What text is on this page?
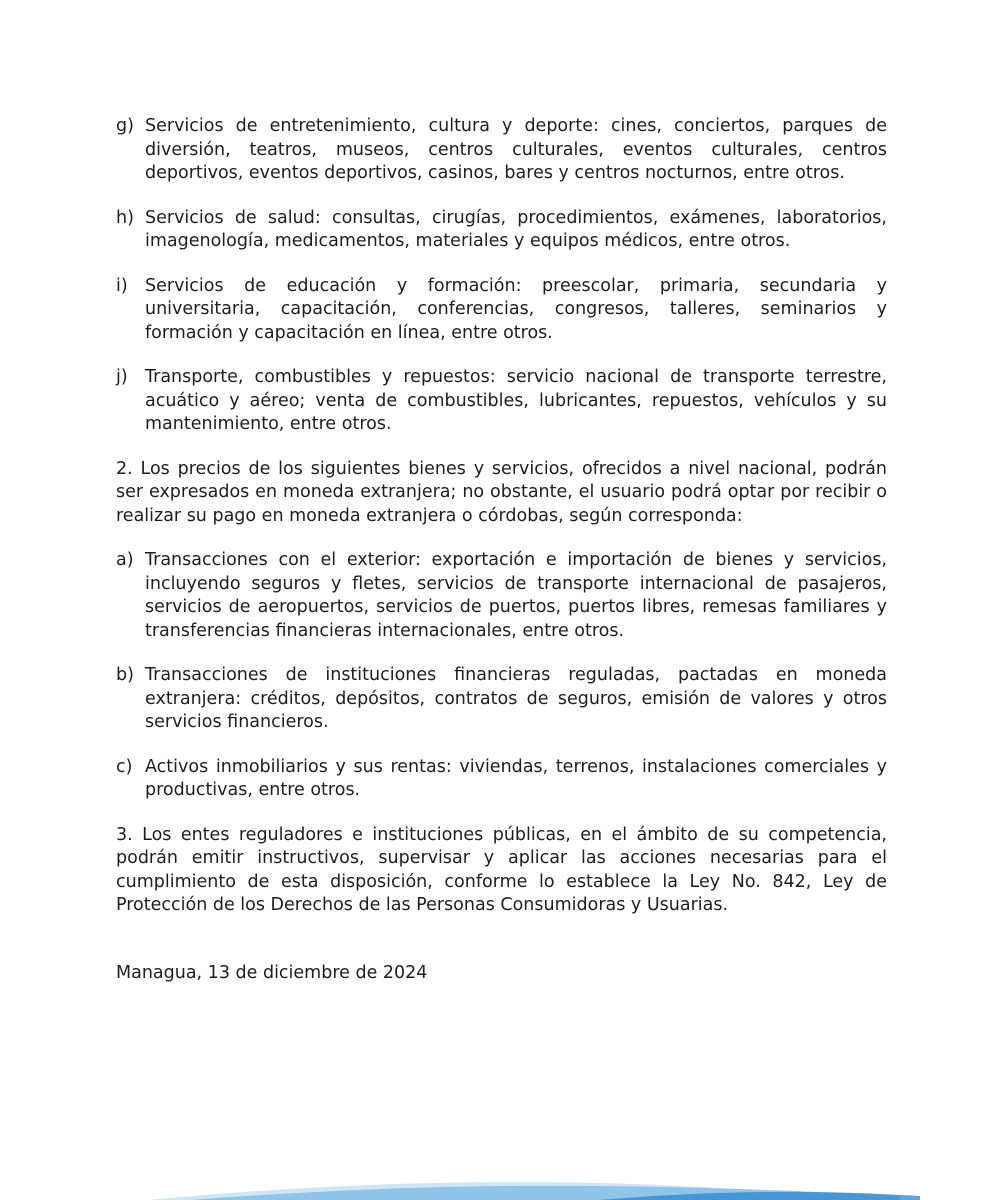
g) Servicios de entretenimiento, cultura y deporte: cines, conciertos, parques de diversión, teatros, museos, centros culturales, eventos culturales, centros deportivos, eventos deportivos, casinos, bares y centros nocturnos, entre otros.
h) Servicios de salud: consultas, cirugías, procedimientos, exámenes, laboratorios, imagenología, medicamentos, materiales y equipos médicos, entre otros.
i) Servicios de educación y formación: preescolar, primaria, secundaria y universitaria, capacitación, conferencias, congresos, talleres, seminarios y formación y capacitación en línea, entre otros.
j) Transporte, combustibles y repuestos: servicio nacional de transporte terrestre, acuático y aéreo; venta de combustibles, lubricantes, repuestos, vehículos y su mantenimiento, entre otros.

2. Los precios de los siguientes bienes y servicios, ofrecidos a nivel nacional, podrán ser expresados en moneda extranjera; no obstante, el usuario podrá optar por recibir o realizar su pago en moneda extranjera o córdobas, según corresponda:

a) Transacciones con el exterior: exportación e importación de bienes y servicios, incluyendo seguros y fletes, servicios de transporte internacional de pasajeros, servicios de aeropuertos, servicios de puertos, puertos libres, remesas familiares y transferencias financieras internacionales, entre otros.
b) Transacciones de instituciones financieras reguladas, pactadas en moneda extranjera: créditos, depósitos, contratos de seguros, emisión de valores y otros servicios financieros.
c) Activos inmobiliarios y sus rentas: viviendas, terrenos, instalaciones comerciales y productivas, entre otros.

3. Los entes reguladores e instituciones públicas, en el ámbito de su competencia, podrán emitir instructivos, supervisar y aplicar las acciones necesarias para el cumplimiento de esta disposición, conforme lo establece la Ley No. 842, Ley de Protección de los Derechos de las Personas Consumidoras y Usuarias.

Managua, 13 de diciembre de 2024
